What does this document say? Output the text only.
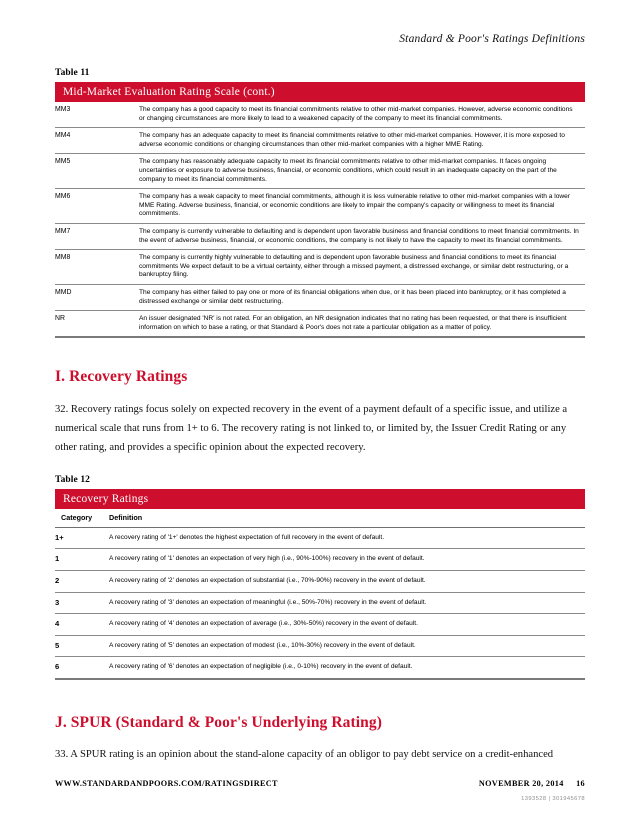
Standard & Poor's Ratings Definitions
Table 11
Mid-Market Evaluation Rating Scale (cont.)
MM3	The company has a good capacity to meet its financial commitments relative to other mid-market companies. However, adverse economic conditions or changing circumstances are more likely to lead to a weakened capacity of the company to meet its financial commitments.
MM4	The company has an adequate capacity to meet its financial commitments relative to other mid-market companies. However, it is more exposed to adverse economic conditions or changing circumstances than other mid-market companies with a higher MME Rating.
MM5	The company has reasonably adequate capacity to meet its financial commitments relative to other mid-market companies. It faces ongoing uncertainties or exposure to adverse business, financial, or economic conditions, which could result in an inadequate capacity on the part of the company to meet its financial commitments.
MM6	The company has a weak capacity to meet financial commitments, although it is less vulnerable relative to other mid-market companies with a lower MME Rating. Adverse business, financial, or economic conditions are likely to impair the company's capacity or willingness to meet its financial commitments.
MM7	The company is currently vulnerable to defaulting and is dependent upon favorable business and financial conditions to meet financial commitments. In the event of adverse business, financial, or economic conditions, the company is not likely to have the capacity to meet its financial commitments.
MM8	The company is currently highly vulnerable to defaulting and is dependent upon favorable business and financial conditions to meet its financial commitments We expect default to be a virtual certainty, either through a missed payment, a distressed exchange, or similar debt restructuring, or a bankruptcy filing.
MMD	The company has either failed to pay one or more of its financial obligations when due, or it has been placed into bankruptcy, or it has completed a distressed exchange or similar debt restructuring.
NR	An issuer designated 'NR' is not rated. For an obligation, an NR designation indicates that no rating has been requested, or that there is insufficient information on which to base a rating, or that Standard & Poor's does not rate a particular obligation as a matter of policy.
I. Recovery Ratings

32. Recovery ratings focus solely on expected recovery in the event of a payment default of a specific issue, and utilize a numerical scale that runs from 1+ to 6. The recovery rating is not linked to, or limited by, the Issuer Credit Rating or any other rating, and provides a specific opinion about the expected recovery.

Table 12
Recovery Ratings
Category	Definition
1+	A recovery rating of '1+' denotes the highest expectation of full recovery in the event of default.
1	A recovery rating of '1' denotes an expectation of very high (i.e., 90%-100%) recovery in the event of default.
2	A recovery rating of '2' denotes an expectation of substantial (i.e., 70%-90%) recovery in the event of default.
3	A recovery rating of '3' denotes an expectation of meaningful (i.e., 50%-70%) recovery in the event of default.
4	A recovery rating of '4' denotes an expectation of average (i.e., 30%-50%) recovery in the event of default.
5	A recovery rating of '5' denotes an expectation of modest (i.e., 10%-30%) recovery in the event of default.
6	A recovery rating of '6' denotes an expectation of negligible (i.e., 0-10%) recovery in the event of default.
J. SPUR (Standard & Poor's Underlying Rating)

33. A SPUR rating is an opinion about the stand-alone capacity of an obligor to pay debt service on a credit-enhanced

WWW.STANDARDANDPOORS.COM/RATINGSDIRECT	NOVEMBER 20, 2014 16
1393528 | 301945678
